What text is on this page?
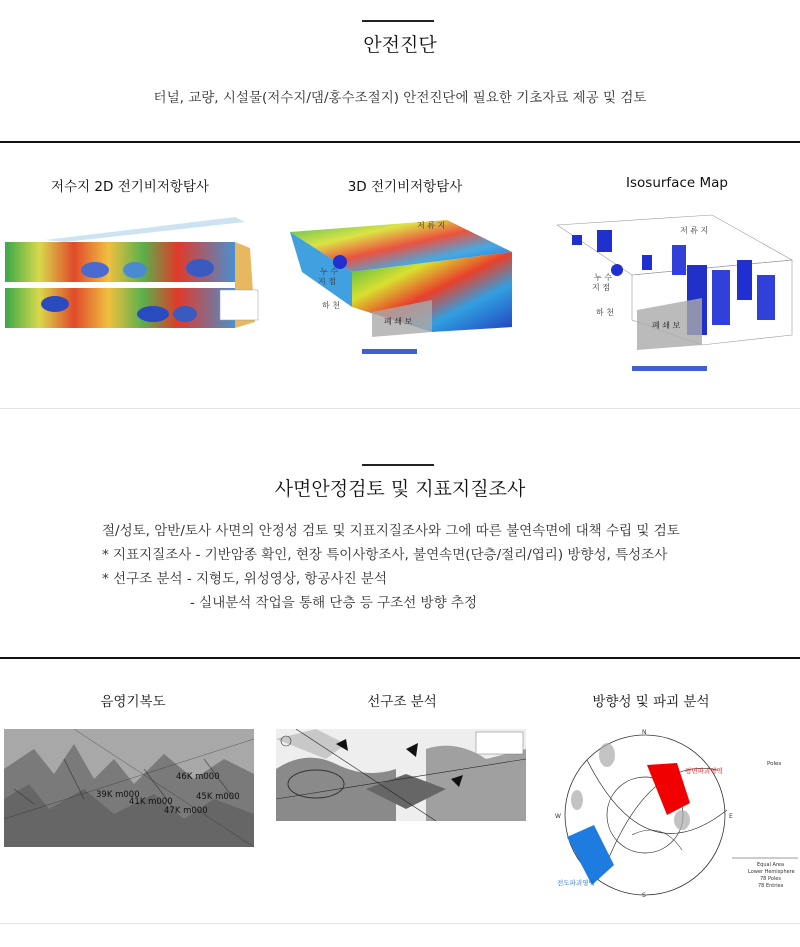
안전진단
터널, 교량, 시설물(저수지/댐/홍수조절지) 안전진단에 필요한 기초자료 제공 및 검토
저수지 2D 전기비저항탐사	3D 전기비저항탐사	Isosurface Map
저 류 지
누 수
지 점
하 천
폐 쇄 보
저 류 지
누 수
지 점
하 천
폐 쇄 보
사면안정검토 및 지표지질조사
절/성토, 암반/토사 사면의 안정성 검토 및 지표지질조사와 그에 따른 불연속면에 대책 수립 및 검토
* 지표지질조사 - 기반암종 확인, 현장 특이사항조사, 불연속면(단층/절리/엽리) 방향성, 특성조사
* 선구조 분석 - 지형도, 위성영상, 항공사진 분석
- 실내분석 작업을 통해 단층 등 구조선 방향 추정
음영기복도	선구조 분석	방향성 및 파괴 분석
39K m000
41K m000
46K m000
45K m000
47K m000
평면파괴영역
전도파괴영역
N
E
S
W
Poles
Equal Area
Lower Hemisphere
78 Poles
78 Entries
